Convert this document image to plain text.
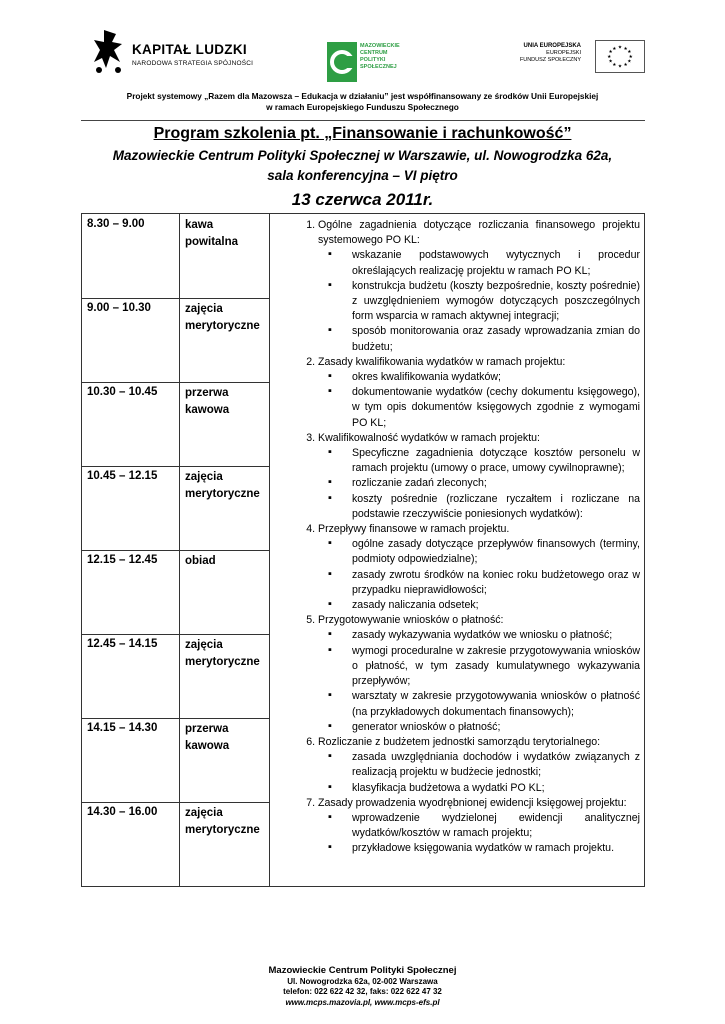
KAPITAŁ LUDZKI
NARODOWA STRATEGIA SPÓJNOŚCI
MAZOWIECKIE
CENTRUM
POLITYKI
SPOŁECZNEJ
UNIA EUROPEJSKA
EUROPEJSKI
FUNDUSZ SPOŁECZNY
★ ★
★
★
★
★
★
★
★
★
★
★
Projekt systemowy „Razem dla Mazowsza – Edukacja w działaniu” jest współfinansowany ze środków Unii Europejskiej
w ramach Europejskiego Funduszu Społecznego
Program szkolenia pt. „Finansowanie i rachunkowość”
Mazowieckie Centrum Polityki Społecznej w Warszawie, ul. Nowogrodzka 62a,
sala konferencyjna – VI piętro
13 czerwca 2011r.
8.30 – 9.00	kawa powitalna
9.00 – 10.30	zajęcia merytoryczne
10.30 – 10.45 przerwa kawowa
10.45 – 12.15 zajęcia merytoryczne
12.15 – 12.45 obiad
12.45 – 14.15 zajęcia merytoryczne
14.15 – 14.30 przerwa kawowa
14.30 – 16.00 zajęcia merytoryczne
1. Ogólne zagadnienia dotyczące rozliczania finansowego projektu systemowego PO KL:
▪ wskazanie podstawowych wytycznych i procedur określających realizację projektu w ramach PO KL;
▪ konstrukcja budżetu (koszty bezpośrednie, koszty pośrednie) z uwzględnieniem wymogów dotyczących poszczególnych form wsparcia w ramach aktywnej integracji;
▪ sposób monitorowania oraz zasady wprowadzania zmian do budżetu;
2. Zasady kwalifikowania wydatków w ramach projektu:
▪ okres kwalifikowania wydatków;
▪ dokumentowanie wydatków (cechy dokumentu księgowego), w tym opis dokumentów księgowych zgodnie z wymogami PO KL;
3. Kwalifikowalność wydatków w ramach projektu:
▪ Specyficzne zagadnienia dotyczące kosztów personelu w ramach projektu (umowy o prace, umowy cywilnoprawne);
▪ rozliczanie zadań zleconych;
▪ koszty pośrednie (rozliczane ryczałtem i rozliczane na podstawie rzeczywiście poniesionych wydatków):
4. Przepływy finansowe w ramach projektu.
▪ ogólne zasady dotyczące przepływów finansowych (terminy, podmioty odpowiedzialne);
▪ zasady zwrotu środków na koniec roku budżetowego oraz w przypadku nieprawidłowości;
▪ zasady naliczania odsetek;
5. Przygotowywanie wniosków o płatność:
▪ zasady wykazywania wydatków we wniosku o płatność;
▪ wymogi proceduralne w zakresie przygotowywania wniosków o płatność, w tym zasady kumulatywnego wykazywania przepływów;
▪ warsztaty w zakresie przygotowywania wniosków o płatność (na przykładowych dokumentach finansowych);
▪ generator wniosków o płatność;
6. Rozliczanie z budżetem jednostki samorządu terytorialnego:
▪ zasada uwzględniania dochodów i wydatków związanych z realizacją projektu w budżecie jednostki;
▪ klasyfikacja budżetowa a wydatki PO KL;
7. Zasady prowadzenia wyodrębnionej ewidencji księgowej projektu:
▪ wprowadzenie wydzielonej ewidencji analitycznej wydatków/kosztów w ramach projektu;
▪ przykładowe księgowania wydatków w ramach projektu.
Mazowieckie Centrum Polityki Społecznej
Ul. Nowogrodzka 62a, 02-002 Warszawa
telefon: 022 622 42 32, faks: 022 622 47 32
www.mcps.mazovia.pl, www.mcps-efs.pl
